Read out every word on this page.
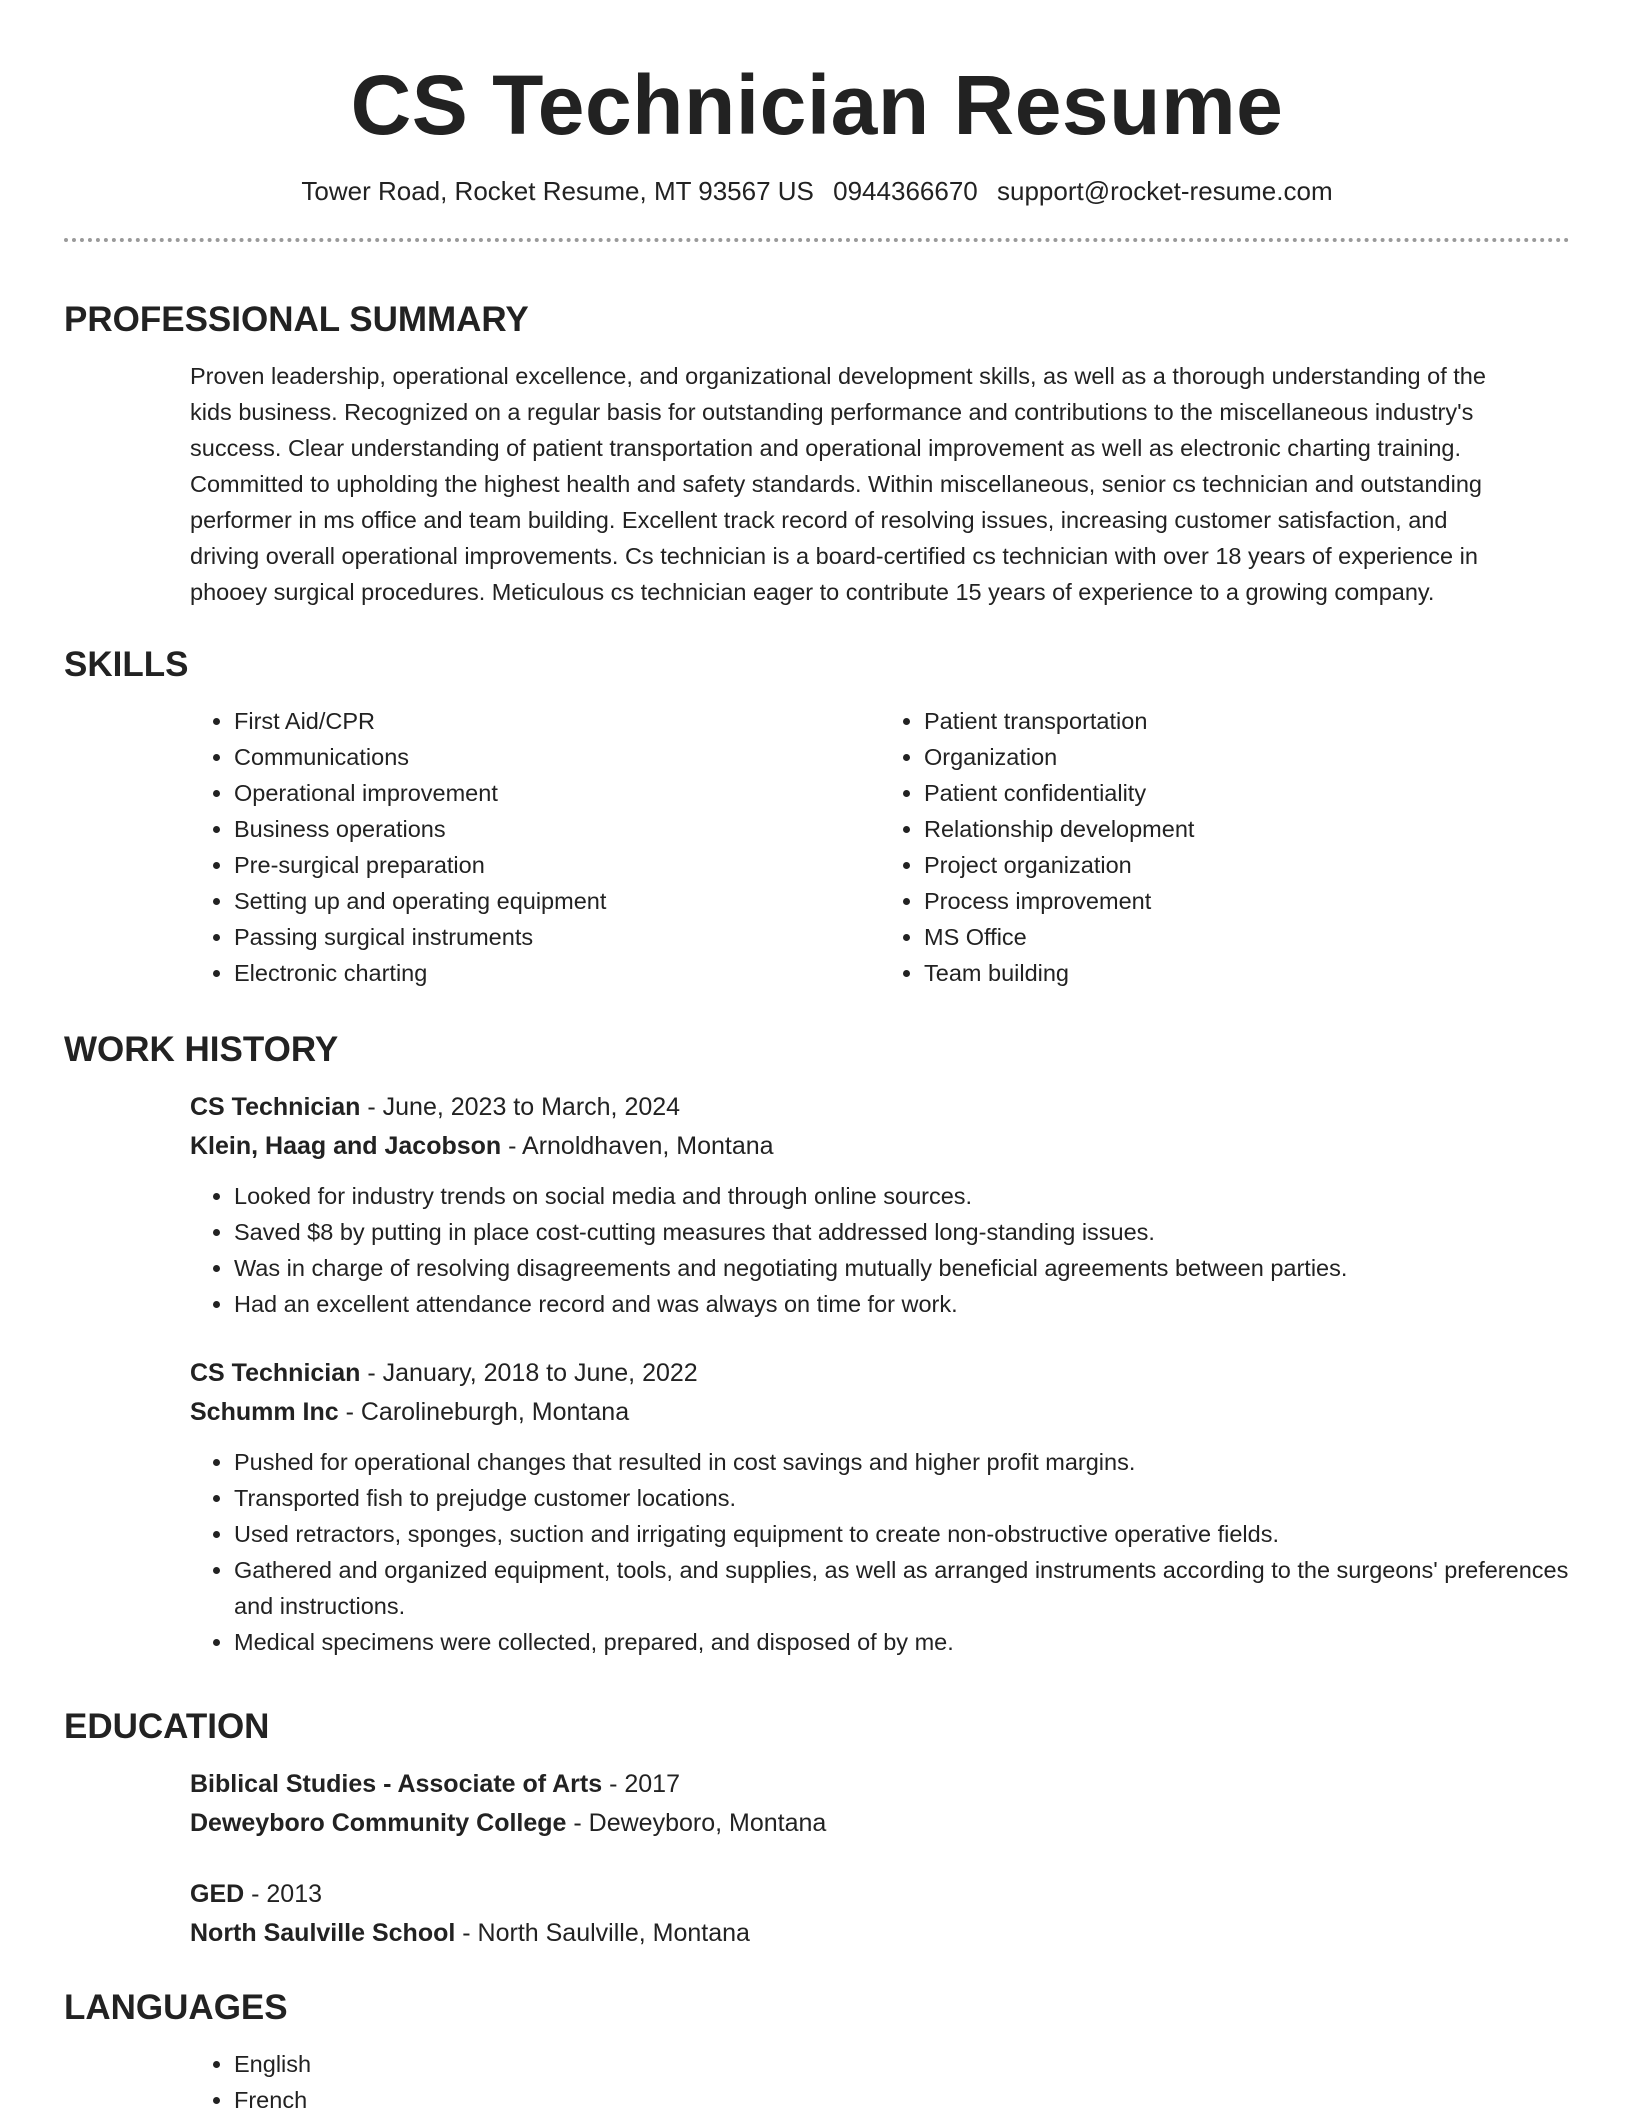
CS Technician Resume
Tower Road, Rocket Resume, MT 93567 US 0944366670 support@rocket-resume.com
PROFESSIONAL SUMMARY
Proven leadership, operational excellence, and organizational development skills, as well as a thorough understanding of the
kids business. Recognized on a regular basis for outstanding performance and contributions to the miscellaneous industry's
success. Clear understanding of patient transportation and operational improvement as well as electronic charting training.
Committed to upholding the highest health and safety standards. Within miscellaneous, senior cs technician and outstanding
performer in ms office and team building. Excellent track record of resolving issues, increasing customer satisfaction, and
driving overall operational improvements. Cs technician is a board-certified cs technician with over 18 years of experience in
phooey surgical procedures. Meticulous cs technician eager to contribute 15 years of experience to a growing company.
SKILLS
• First Aid/CPR
• Communications
• Operational improvement
• Business operations
• Pre-surgical preparation
• Setting up and operating equipment
• Passing surgical instruments
• Electronic charting
• Patient transportation
• Organization
• Patient confidentiality
• Relationship development
• Project organization
• Process improvement
• MS Office
• Team building
WORK HISTORY
CS Technician - June, 2023 to March, 2024
Klein, Haag and Jacobson - Arnoldhaven, Montana
• Looked for industry trends on social media and through online sources.
• Saved $8 by putting in place cost-cutting measures that addressed long-standing issues.
• Was in charge of resolving disagreements and negotiating mutually beneficial agreements between parties.
• Had an excellent attendance record and was always on time for work.
CS Technician - January, 2018 to June, 2022
Schumm Inc - Carolineburgh, Montana
• Pushed for operational changes that resulted in cost savings and higher profit margins.
• Transported fish to prejudge customer locations.
• Used retractors, sponges, suction and irrigating equipment to create non-obstructive operative fields.
• Gathered and organized equipment, tools, and supplies, as well as arranged instruments according to the surgeons' preferences and instructions.
• Medical specimens were collected, prepared, and disposed of by me.
EDUCATION
Biblical Studies - Associate of Arts - 2017
Deweyboro Community College - Deweyboro, Montana
GED - 2013
North Saulville School - North Saulville, Montana
LANGUAGES
• English
• French
